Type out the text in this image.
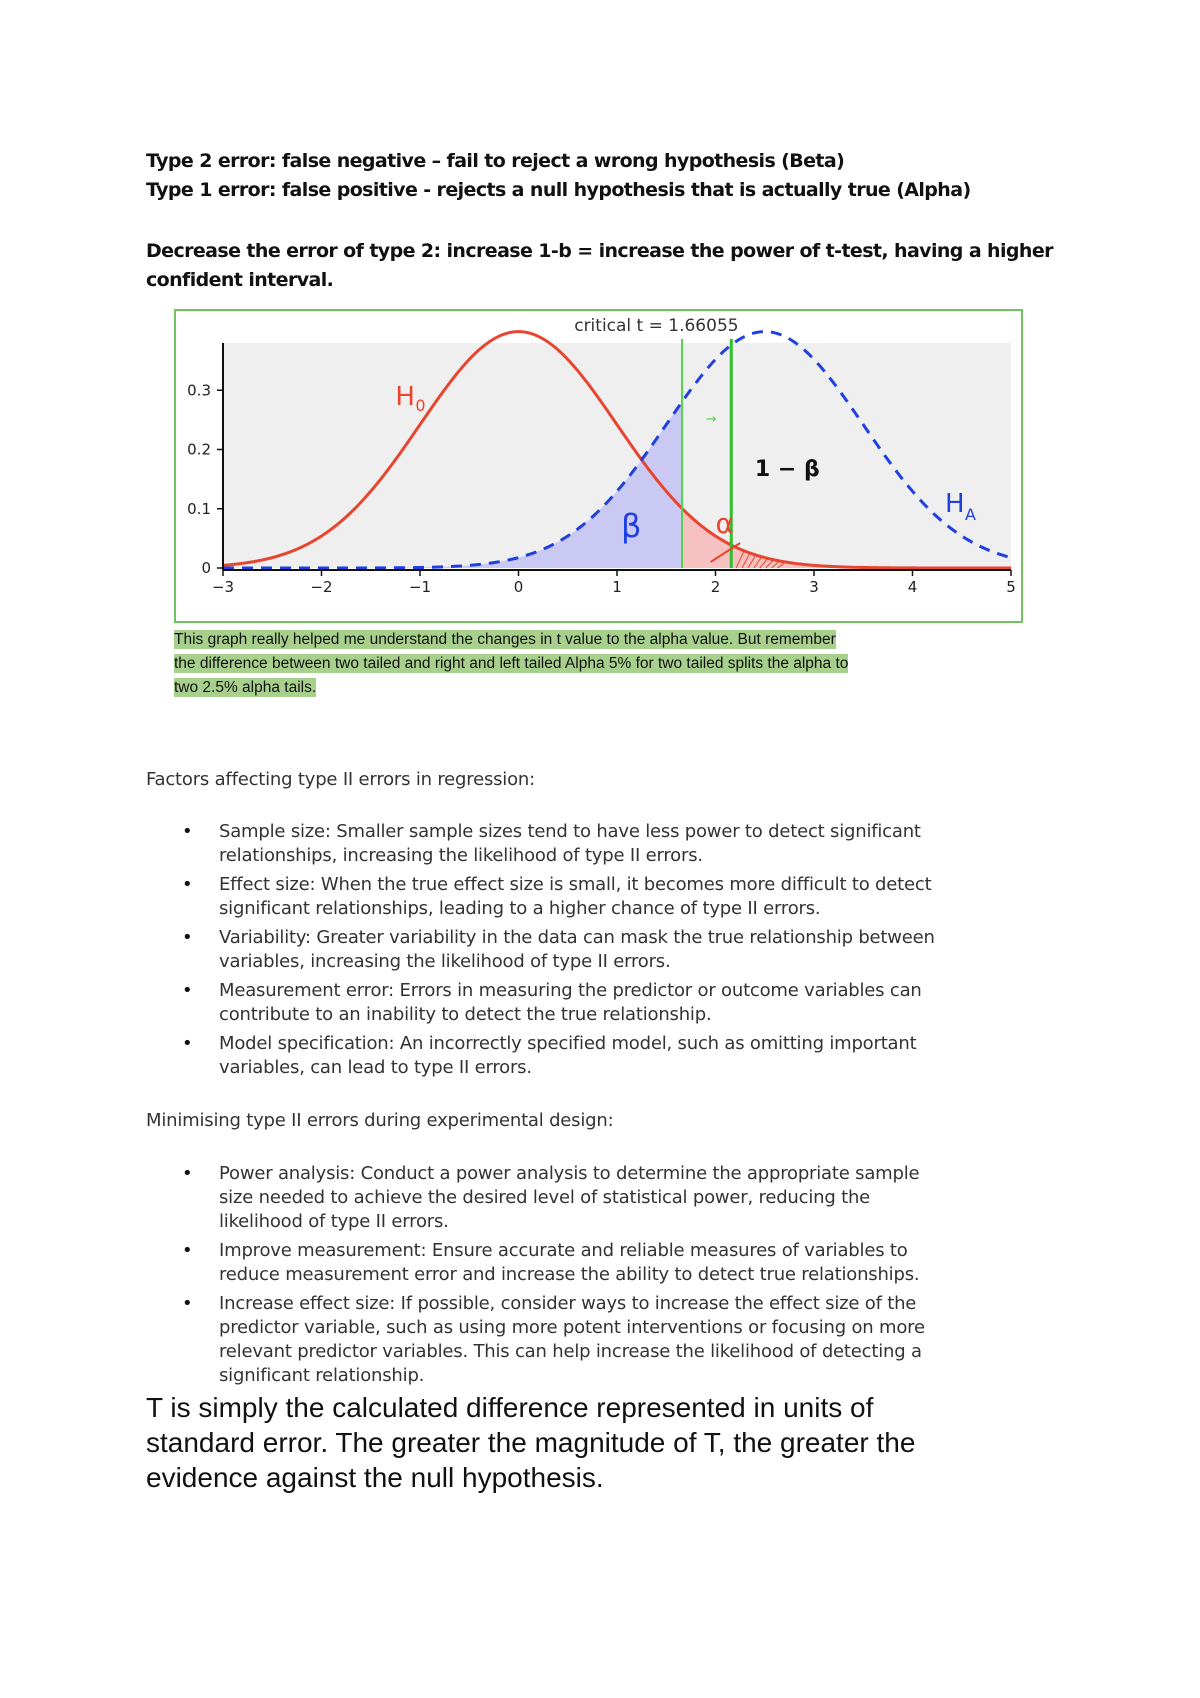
Type 2 error: false negative – fail to reject a wrong hypothesis (Beta)
Type 1 error: false positive - rejects a null hypothesis that is actually true (Alpha)
Decrease the error of type 2: increase 1-b = increase the power of t-test, having a higher
confident interval.
−3	−2	−1	0	1	2	3	4	5
0
0.1
0.2
0.3
critical t = 1.66055
H 0
H A
β	α
1 − β
→
This graph really helped me understand the changes in t value to the alpha value. But remember
the difference between two tailed and right and left tailed Alpha 5% for two tailed splits the alpha to
two 2.5% alpha tails.
Factors affecting type II errors in regression:
• Sample size: Smaller sample sizes tend to have less power to detect significant
relationships, increasing the likelihood of type II errors.
• Effect size: When the true effect size is small, it becomes more difficult to detect
significant relationships, leading to a higher chance of type II errors.
• Variability: Greater variability in the data can mask the true relationship between
variables, increasing the likelihood of type II errors.
• Measurement error: Errors in measuring the predictor or outcome variables can
contribute to an inability to detect the true relationship.
• Model specification: An incorrectly specified model, such as omitting important
variables, can lead to type II errors.
Minimising type II errors during experimental design:
• Power analysis: Conduct a power analysis to determine the appropriate sample
size needed to achieve the desired level of statistical power, reducing the
likelihood of type II errors.
• Improve measurement: Ensure accurate and reliable measures of variables to
reduce measurement error and increase the ability to detect true relationships.
• Increase effect size: If possible, consider ways to increase the effect size of the
predictor variable, such as using more potent interventions or focusing on more
relevant predictor variables. This can help increase the likelihood of detecting a
significant relationship.
T is simply the calculated difference represented in units of
standard error. The greater the magnitude of T, the greater the
evidence against the null hypothesis.
